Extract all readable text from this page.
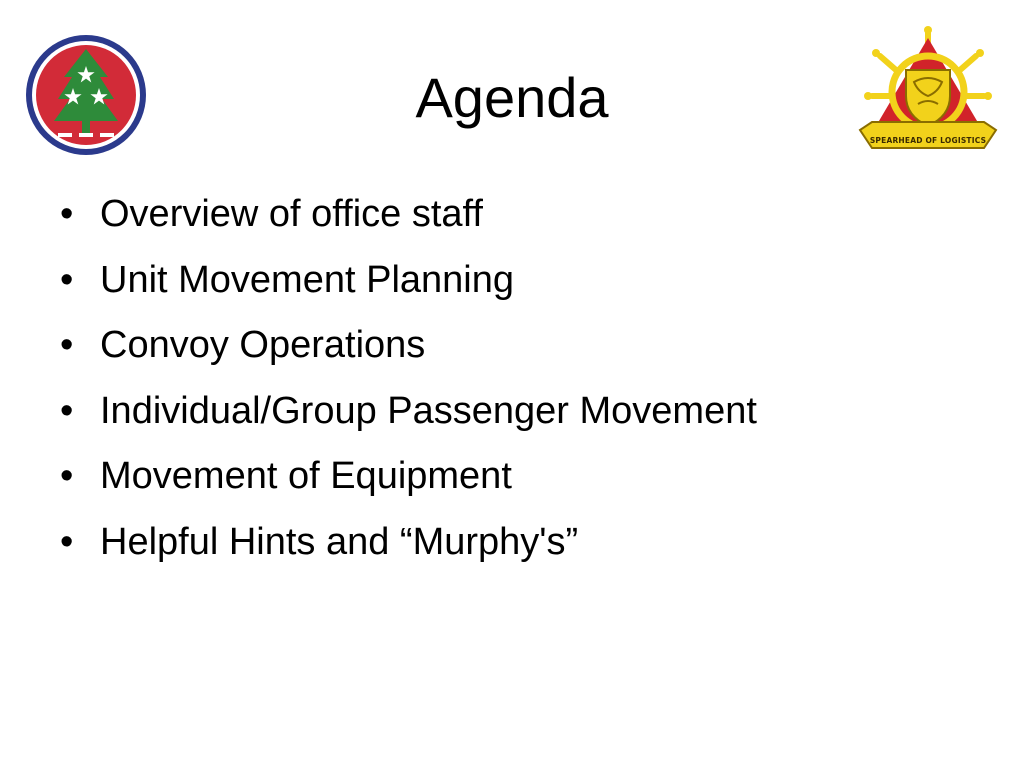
Agenda
SPEARHEAD OF LOGISTICS
• Overview of office staff
• Unit Movement Planning
• Convoy Operations
• Individual/Group Passenger Movement
• Movement of Equipment
• Helpful Hints and “Murphy's”
